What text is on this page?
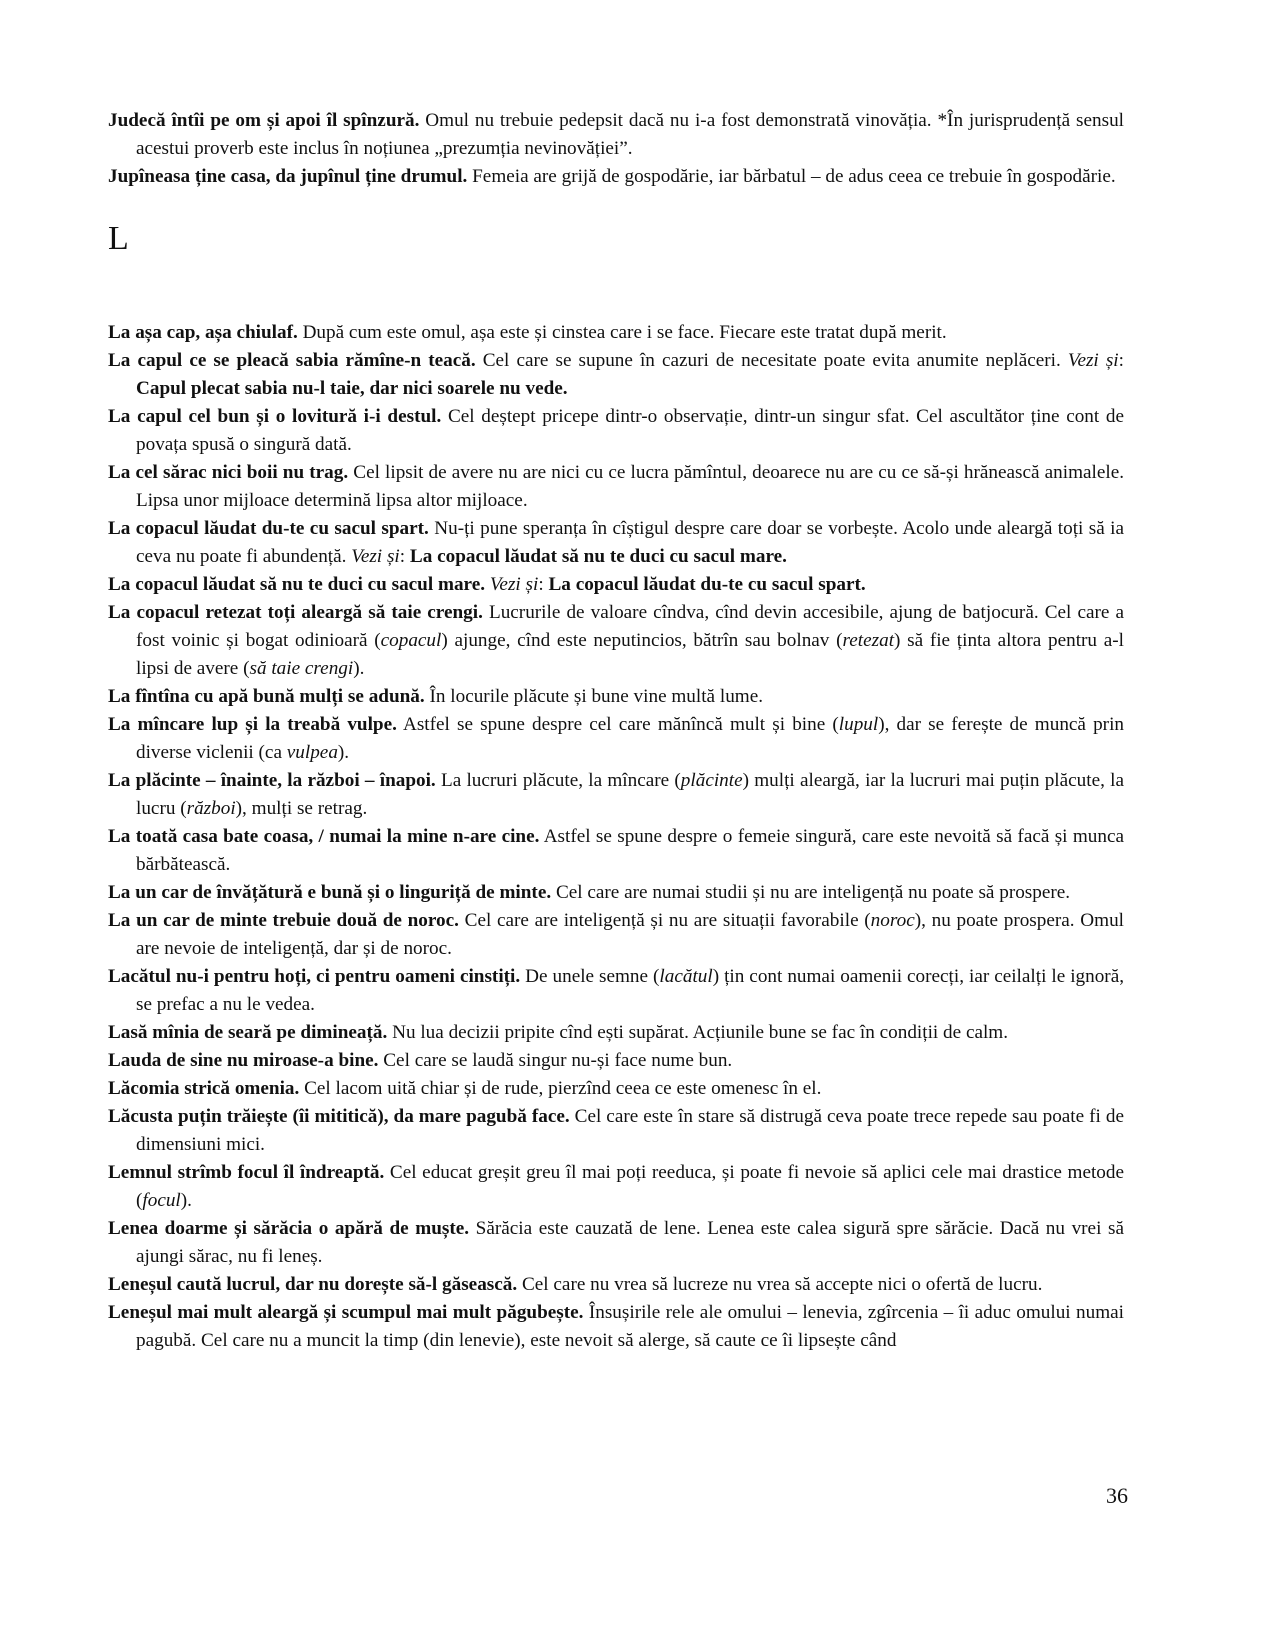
Judecă întîi pe om și apoi îl spînzură. Omul nu trebuie pedepsit dacă nu i-a fost demonstrată vinovăția. *În jurisprudență sensul acestui proverb este inclus în noțiunea „prezumția nevinovăției”.

Jupîneasa ține casa, da jupînul ține drumul. Femeia are grijă de gospodărie, iar bărbatul – de adus ceea ce trebuie în gospodărie.

L

La așa cap, așa chiulaf. După cum este omul, așa este și cinstea care i se face. Fiecare este tratat după merit.

La capul ce se pleacă sabia rămîne-n teacă. Cel care se supune în cazuri de necesitate poate evita anumite neplăceri. Vezi și: Capul plecat sabia nu-l taie, dar nici soarele nu vede.

La capul cel bun și o lovitură i-i destul. Cel deștept pricepe dintr-o observație, dintr-un singur sfat. Cel ascultător ține cont de povața spusă o singură dată.

La cel sărac nici boii nu trag. Cel lipsit de avere nu are nici cu ce lucra pămîntul, deoarece nu are cu ce să-și hrănească animalele. Lipsa unor mijloace determină lipsa altor mijloace.

La copacul lăudat du-te cu sacul spart. Nu-ți pune speranța în cîștigul despre care doar se vorbește. Acolo unde aleargă toți să ia ceva nu poate fi abundență. Vezi și: La copacul lăudat să nu te duci cu sacul mare.

La copacul lăudat să nu te duci cu sacul mare. Vezi și: La copacul lăudat du-te cu sacul spart.

La copacul retezat toți aleargă să taie crengi. Lucrurile de valoare cîndva, cînd devin accesibile, ajung de batjocură. Cel care a fost voinic și bogat odinioară (copacul) ajunge, cînd este neputincios, bătrîn sau bolnav (retezat) să fie ținta altora pentru a-l lipsi de avere (să taie crengi).

La fîntîna cu apă bună mulți se adună. În locurile plăcute și bune vine multă lume.

La mîncare lup și la treabă vulpe. Astfel se spune despre cel care mănîncă mult și bine (lupul), dar se ferește de muncă prin diverse viclenii (ca vulpea).

La plăcinte – înainte, la război – înapoi. La lucruri plăcute, la mîncare (plăcinte) mulți aleargă, iar la lucruri mai puțin plăcute, la lucru (război), mulți se retrag.

La toată casa bate coasa, / numai la mine n-are cine. Astfel se spune despre o femeie singură, care este nevoită să facă și munca bărbătească.

La un car de învățătură e bună și o linguriță de minte. Cel care are numai studii și nu are inteligență nu poate să prospere.

La un car de minte trebuie două de noroc. Cel care are inteligență și nu are situații favorabile (noroc), nu poate prospera. Omul are nevoie de inteligență, dar și de noroc.

Lacătul nu-i pentru hoți, ci pentru oameni cinstiți. De unele semne (lacătul) țin cont numai oamenii corecți, iar ceilalți le ignoră, se prefac a nu le vedea.

Lasă mînia de seară pe dimineață. Nu lua decizii pripite cînd ești supărat. Acțiunile bune se fac în condiții de calm.

Lauda de sine nu miroase-a bine. Cel care se laudă singur nu-și face nume bun.

Lăcomia strică omenia. Cel lacom uită chiar și de rude, pierzînd ceea ce este omenesc în el.

Lăcusta puțin trăiește (îi mititică), da mare pagubă face. Cel care este în stare să distrugă ceva poate trece repede sau poate fi de dimensiuni mici.

Lemnul strîmb focul îl îndreaptă. Cel educat greșit greu îl mai poți reeduca, și poate fi nevoie să aplici cele mai drastice metode (focul).

Lenea doarme și sărăcia o apără de muște. Sărăcia este cauzată de lene. Lenea este calea sigură spre sărăcie. Dacă nu vrei să ajungi sărac, nu fi leneș.

Leneșul caută lucrul, dar nu dorește să-l găsească. Cel care nu vrea să lucreze nu vrea să accepte nici o ofertă de lucru.

Leneșul mai mult aleargă și scumpul mai mult păgubește. Însușirile rele ale omului – lenevia, zgîrcenia – îi aduc omului numai pagubă. Cel care nu a muncit la timp (din lenevie), este nevoit să alerge, să caute ce îi lipsește când

36
